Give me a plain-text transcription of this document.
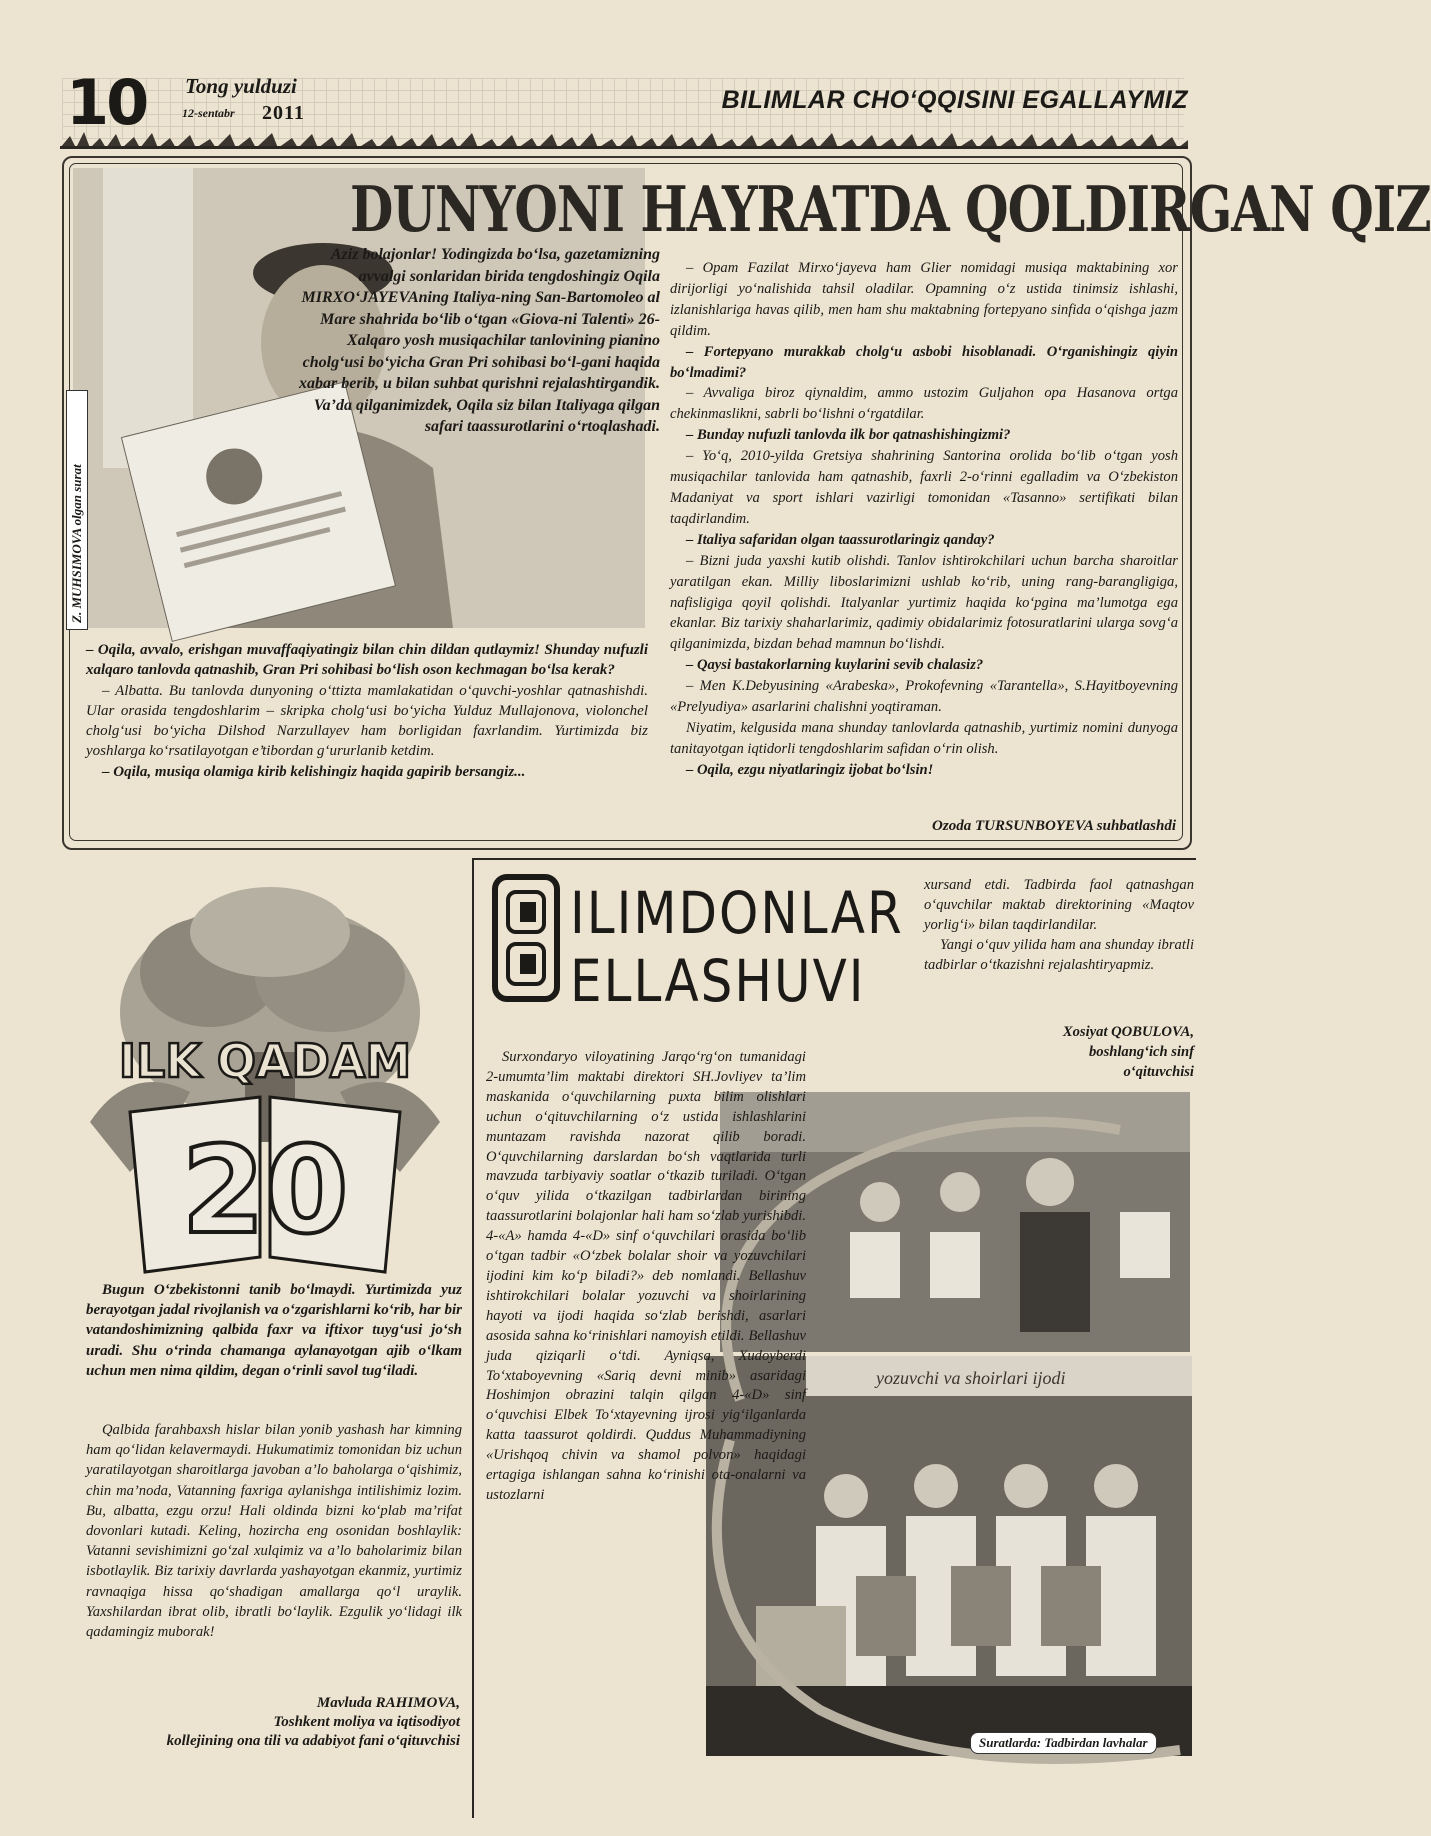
10 Tong yulduzi
12-sentabr 2011	BILIMLAR CHO‘QQISINI EGALLAYMIZ
Z. MUHSIMOVA olgan surat
DUNYONI HAYRATDA QOLDIRGAN QIZ
Aziz bolajonlar! Yodingizda bo‘lsa, gazetamizning avvalgi sonlaridan birida tengdoshingiz Oqila MIRXO‘JAYEVAning Italiya-ning San-Bartomoleo al Mare shahrida bo‘lib o‘tgan «Giova-ni Talenti» 26-Xalqaro yosh musiqachilar tanlovining pianino cholg‘usi bo‘yicha Gran Pri sohibasi bo‘l-gani haqida xabar berib, u bilan suhbat qurishni rejalashtirgandik. Va’da qilganimizdek, Oqila siz bilan Italiyaga qilgan safari taassurotlarini o‘rtoqlashadi.

– Oqila, avvalo, erishgan muvaffaqiyatingiz bilan chin dildan qutlaymiz! Shunday nufuzli xalqaro tanlovda qatnashib, Gran Pri sohibasi bo‘lish oson kechmagan bo‘lsa kerak?

– Albatta. Bu tanlovda dunyoning o‘ttizta mamlakatidan o‘quvchi-yoshlar qatnashishdi. Ular orasida tengdoshlarim – skripka cholg‘usi bo‘yicha Yulduz Mullajonova, violonchel cholg‘usi bo‘yicha Dilshod Narzullayev ham borligidan faxrlandim. Yurtimizda biz yoshlarga ko‘rsatilayotgan e’tibordan g‘ururlanib ketdim.

– Oqila, musiqa olamiga kirib kelishingiz haqida gapirib bersangiz...

– Opam Fazilat Mirxo‘jayeva ham Glier nomidagi musiqa maktabining xor dirijorligi yo‘nalishida tahsil oladilar. Opamning o‘z ustida tinimsiz ishlashi, izlanishlariga havas qilib, men ham shu maktabning fortepyano sinfida o‘qishga jazm qildim.

– Fortepyano murakkab cholg‘u asbobi hisoblanadi. O‘rganishingiz qiyin bo‘lmadimi?

– Avvaliga biroz qiynaldim, ammo ustozim Guljahon opa Hasanova ortga chekinmaslikni, sabrli bo‘lishni o‘rgatdilar.

– Bunday nufuzli tanlovda ilk bor qatnashishingizmi?

– Yo‘q, 2010-yilda Gretsiya shahrining Santorina orolida bo‘lib o‘tgan yosh musiqachilar tanlovida ham qatnashib, faxrli 2-o‘rinni egalladim va O‘zbekiston Madaniyat va sport ishlari vazirligi tomonidan «Tasanno» sertifikati bilan taqdirlandim.

– Italiya safaridan olgan taassurotlaringiz qanday?

– Bizni juda yaxshi kutib olishdi. Tanlov ishtirokchilari uchun barcha sharoitlar yaratilgan ekan. Milliy liboslarimizni ushlab ko‘rib, uning rang-barangligiga, nafisligiga qoyil qolishdi. Italyanlar yurtimiz haqida ko‘pgina ma’lumotga ega ekanlar. Biz tarixiy shaharlarimiz, qadimiy obidalarimiz fotosuratlarini ularga sovg‘a qilganimizda, bizdan behad mamnun bo‘lishdi.

– Qaysi bastakorlarning kuylarini sevib chalasiz?

– Men K.Debyusining «Arabeska», Prokofevning «Tarantella», S.Hayitboyevning «Prelyudiya» asarlarini chalishni yoqtiraman.

Niyatim, kelgusida mana shunday tanlovlarda qatnashib, yurtimiz nomini dunyoga tanitayotgan iqtidorli tengdoshlarim safidan o‘rin olish.

– Oqila, ezgu niyatlaringiz ijobat bo‘lsin!

Ozoda TURSUNBOYEVA suhbatlashdi
ILK QADAM
20

Bugun O‘zbekistonni tanib bo‘lmaydi. Yurtimizda yuz berayotgan jadal rivojlanish va o‘zgarishlarni ko‘rib, har bir vatandoshimizning qalbida faxr va iftixor tuyg‘usi jo‘sh uradi. Shu o‘rinda chamanga aylanayotgan ajib o‘lkam uchun men nima qildim, degan o‘rinli savol tug‘iladi.

Qalbida farahbaxsh hislar bilan yonib yashash har kimning ham qo‘lidan kelavermaydi. Hukumatimiz tomonidan biz uchun yaratilayotgan sharoitlarga javoban a’lo baholarga o‘qishimiz, chin ma’noda, Vatanning faxriga aylanishga intilishimiz lozim. Bu, albatta, ezgu orzu! Hali oldinda bizni ko‘plab ma’rifat dovonlari kutadi. Keling, hozircha eng osonidan boshlaylik: Vatanni sevishimizni go‘zal xulqimiz va a’lo baholarimiz bilan isbotlaylik. Biz tarixiy davrlarda yashayotgan ekanmiz, yurtimiz ravnaqiga hissa qo‘shadigan amallarga qo‘l uraylik. Yaxshilardan ibrat olib, ibratli bo‘laylik. Ezgulik yo‘lidagi ilk qadamingiz muborak!

Mavluda RAHIMOVA,
Toshkent moliya va iqtisodiyot
kollejining ona tili va adabiyot fani o‘qituvchisi
ILIMDONLAR
ELLASHUVI

xursand etdi. Tadbirda faol qatnashgan o‘quvchilar maktab direktorining «Maqtov yorlig‘i» bilan taqdirlandilar.

Yangi o‘quv yilida ham ana shunday ibratli tadbirlar o‘tkazishni rejalashtiryapmiz.

Xosiyat QOBULOVA,
boshlang‘ich sinf
o‘qituvchisi
yozuvchi va shoirlari ijodi
Suratlarda: Tadbirdan lavhalar

Surxondaryo viloyatining Jarqo‘rg‘on tumanidagi 2-umumta’lim maktabi direktori SH.Jovliyev ta’lim maskanida o‘quvchilarning puxta bilim olishlari uchun o‘qituvchilarning o‘z ustida ishlashlarini muntazam ravishda nazorat qilib boradi. O‘quvchilarning darslardan bo‘sh vaqtlarida turli mavzuda tarbiyaviy soatlar o‘tkazib turiladi. O‘tgan o‘quv yilida o‘tkazilgan tadbirlardan birining taassurotlarini bolajonlar hali ham so‘zlab yurishibdi. 4-«A» hamda 4-«D» sinf o‘quvchilari orasida bo‘lib o‘tgan tadbir «O‘zbek bolalar shoir va yozuvchilari ijodini kim ko‘p biladi?» deb nomlandi. Bellashuv ishtirokchilari bolalar yozuvchi va shoirlarining hayoti va ijodi haqida so‘zlab berishdi, asarlari asosida sahna ko‘rinishlari namoyish etildi. Bellashuv juda qiziqarli o‘tdi. Ayniqsa, Xudoyberdi To‘xtaboyevning «Sariq devni minib» asaridagi Hoshimjon obrazini talqin qilgan 4-«D» sinf o‘quvchisi Elbek To‘xtayevning ijrosi yig‘ilganlarda katta taassurot qoldirdi. Quddus Muhammadiyning «Urishqoq chivin va shamol polvon» haqidagi ertagiga ishlangan sahna ko‘rinishi ota-onalarni va ustozlarni
